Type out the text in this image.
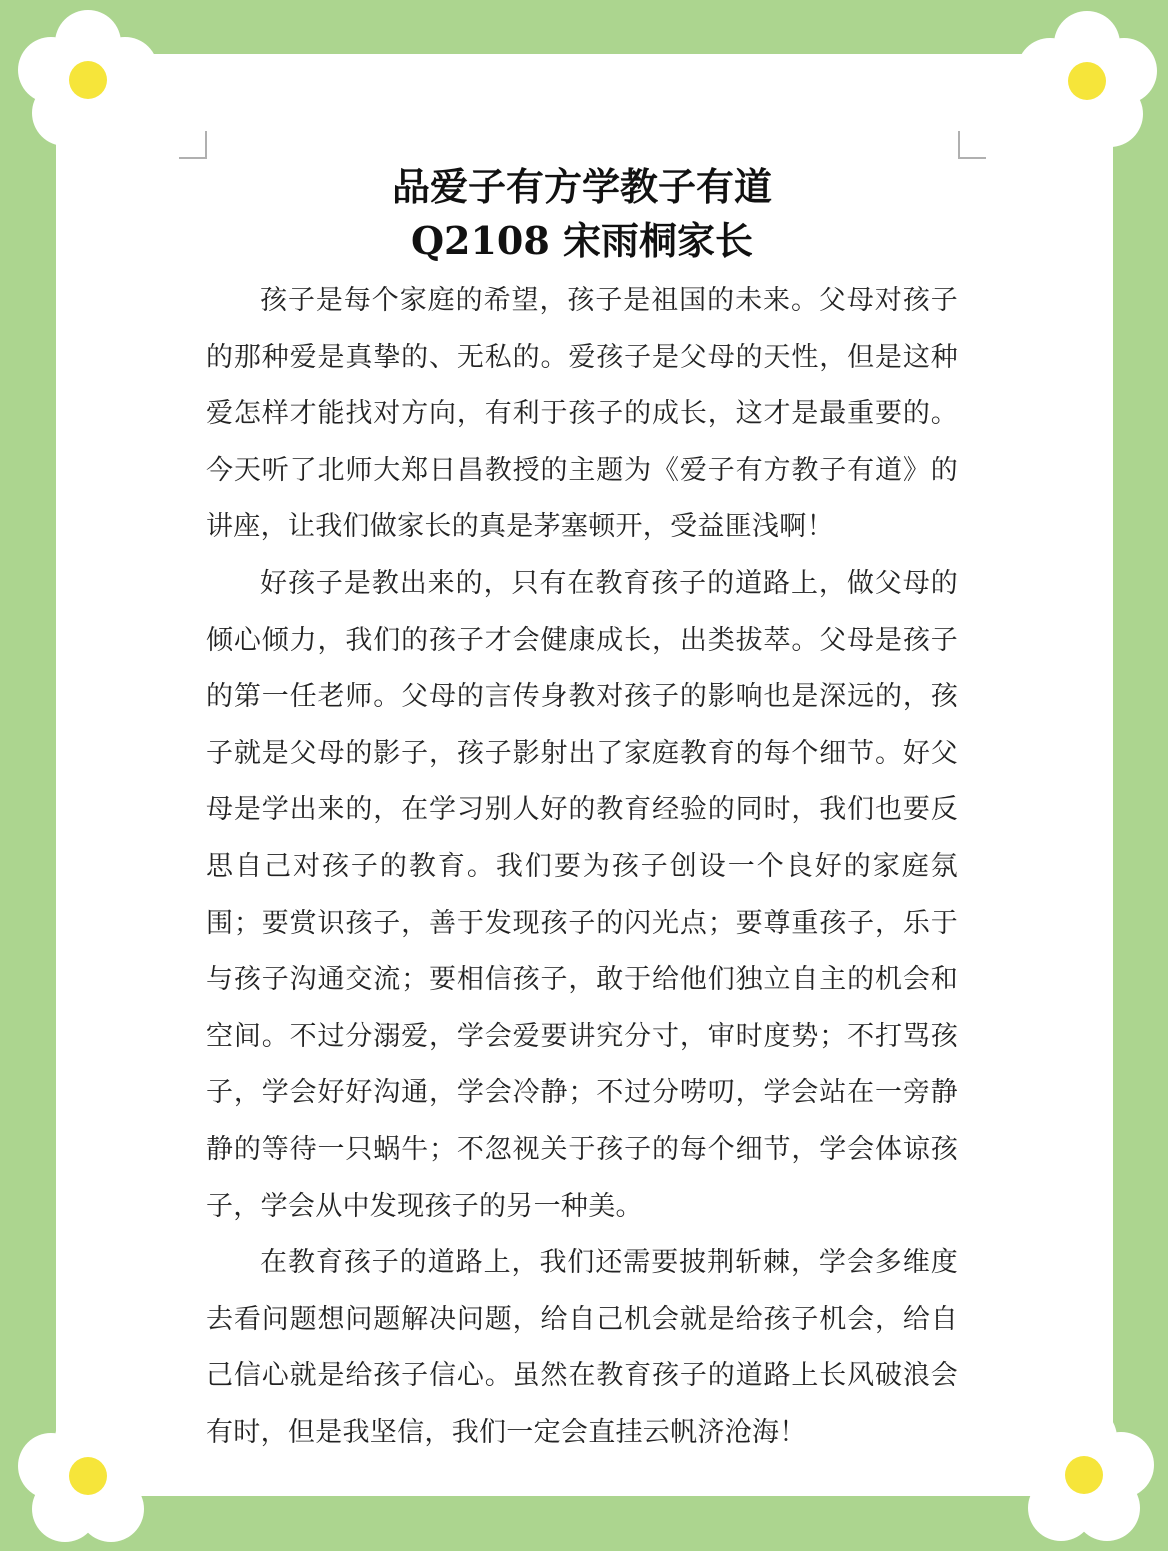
品爱子有方学教子有道
Q2108 宋雨桐家长

孩子是每个家庭的希望，孩子是祖国的未来。父母对孩子的那种爱是真挚的、无私的。爱孩子是父母的天性，但是这种爱怎样才能找对方向，有利于孩子的成长，这才是最重要的。今天听了北师大郑日昌教授的主题为《爱子有方教子有道》的讲座，让我们做家长的真是茅塞顿开，受益匪浅啊！

好孩子是教出来的，只有在教育孩子的道路上，做父母的倾心倾力，我们的孩子才会健康成长，出类拔萃。父母是孩子的第一任老师。父母的言传身教对孩子的影响也是深远的，孩子就是父母的影子，孩子影射出了家庭教育的每个细节。好父母是学出来的，在学习别人好的教育经验的同时，我们也要反思自己对孩子的教育。我们要为孩子创设一个良好的家庭氛围；要赏识孩子，善于发现孩子的闪光点；要尊重孩子，乐于与孩子沟通交流；要相信孩子，敢于给他们独立自主的机会和空间。不过分溺爱，学会爱要讲究分寸，审时度势；不打骂孩子，学会好好沟通，学会冷静；不过分唠叨，学会站在一旁静静的等待一只蜗牛；不忽视关于孩子的每个细节，学会体谅孩子，学会从中发现孩子的另一种美。

在教育孩子的道路上，我们还需要披荆斩棘，学会多维度去看问题想问题解决问题，给自己机会就是给孩子机会，给自己信心就是给孩子信心。虽然在教育孩子的道路上长风破浪会有时，但是我坚信，我们一定会直挂云帆济沧海！
